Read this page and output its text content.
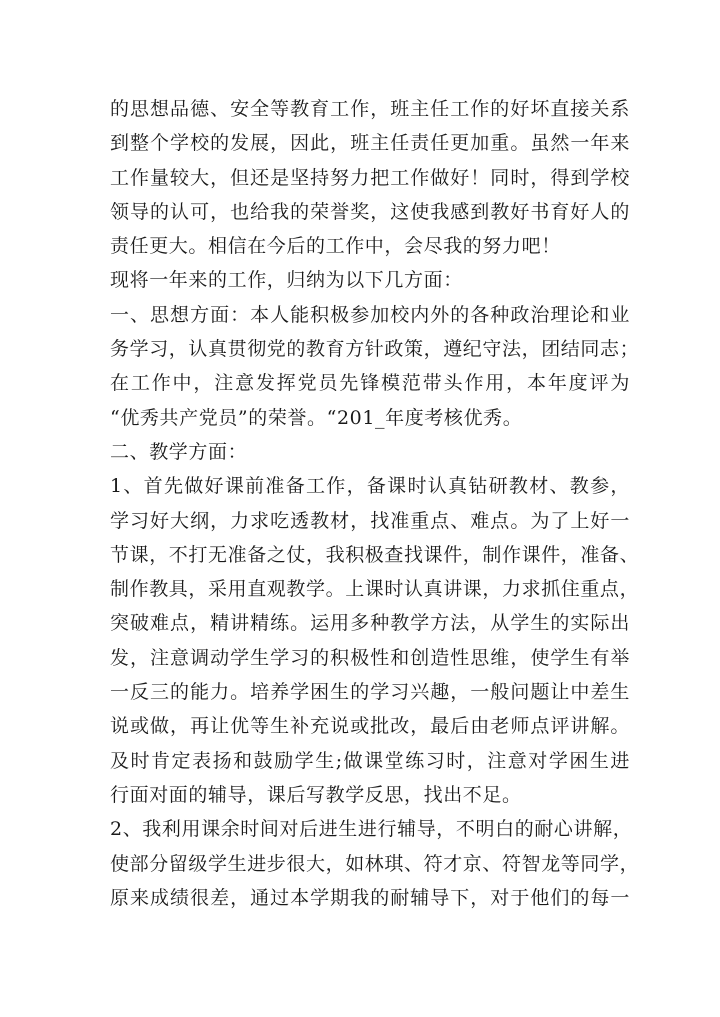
的思想品德、安全等教育工作，班主任工作的好坏直接关系
到整个学校的发展，因此，班主任责任更加重。虽然一年来
工作量较大，但还是坚持努力把工作做好！同时，得到学校
领导的认可，也给我的荣誉奖，这使我感到教好书育好人的
责任更大。相信在今后的工作中，会尽我的努力吧！
现将一年来的工作，归纳为以下几方面：
一、思想方面：本人能积极参加校内外的各种政治理论和业
务学习，认真贯彻党的教育方针政策，遵纪守法，团结同志；
在工作中，注意发挥党员先锋模范带头作用，本年度评为
“优秀共产党员”的荣誉。“201_年度考核优秀。
二、教学方面：
1、首先做好课前准备工作，备课时认真钻研教材、教参，
学习好大纲，力求吃透教材，找准重点、难点。为了上好一
节课，不打无准备之仗，我积极查找课件，制作课件，准备、
制作教具，采用直观教学。上课时认真讲课，力求抓住重点，
突破难点，精讲精练。运用多种教学方法，从学生的实际出
发，注意调动学生学习的积极性和创造性思维，使学生有举
一反三的能力。培养学困生的学习兴趣，一般问题让中差生
说或做，再让优等生补充说或批改，最后由老师点评讲解。
及时肯定表扬和鼓励学生;做课堂练习时，注意对学困生进
行面对面的辅导，课后写教学反思，找出不足。
2、我利用课余时间对后进生进行辅导，不明白的耐心讲解，
使部分留级学生进步很大，如林琪、符才京、符智龙等同学，
原来成绩很差，通过本学期我的耐辅导下，对于他们的每一
